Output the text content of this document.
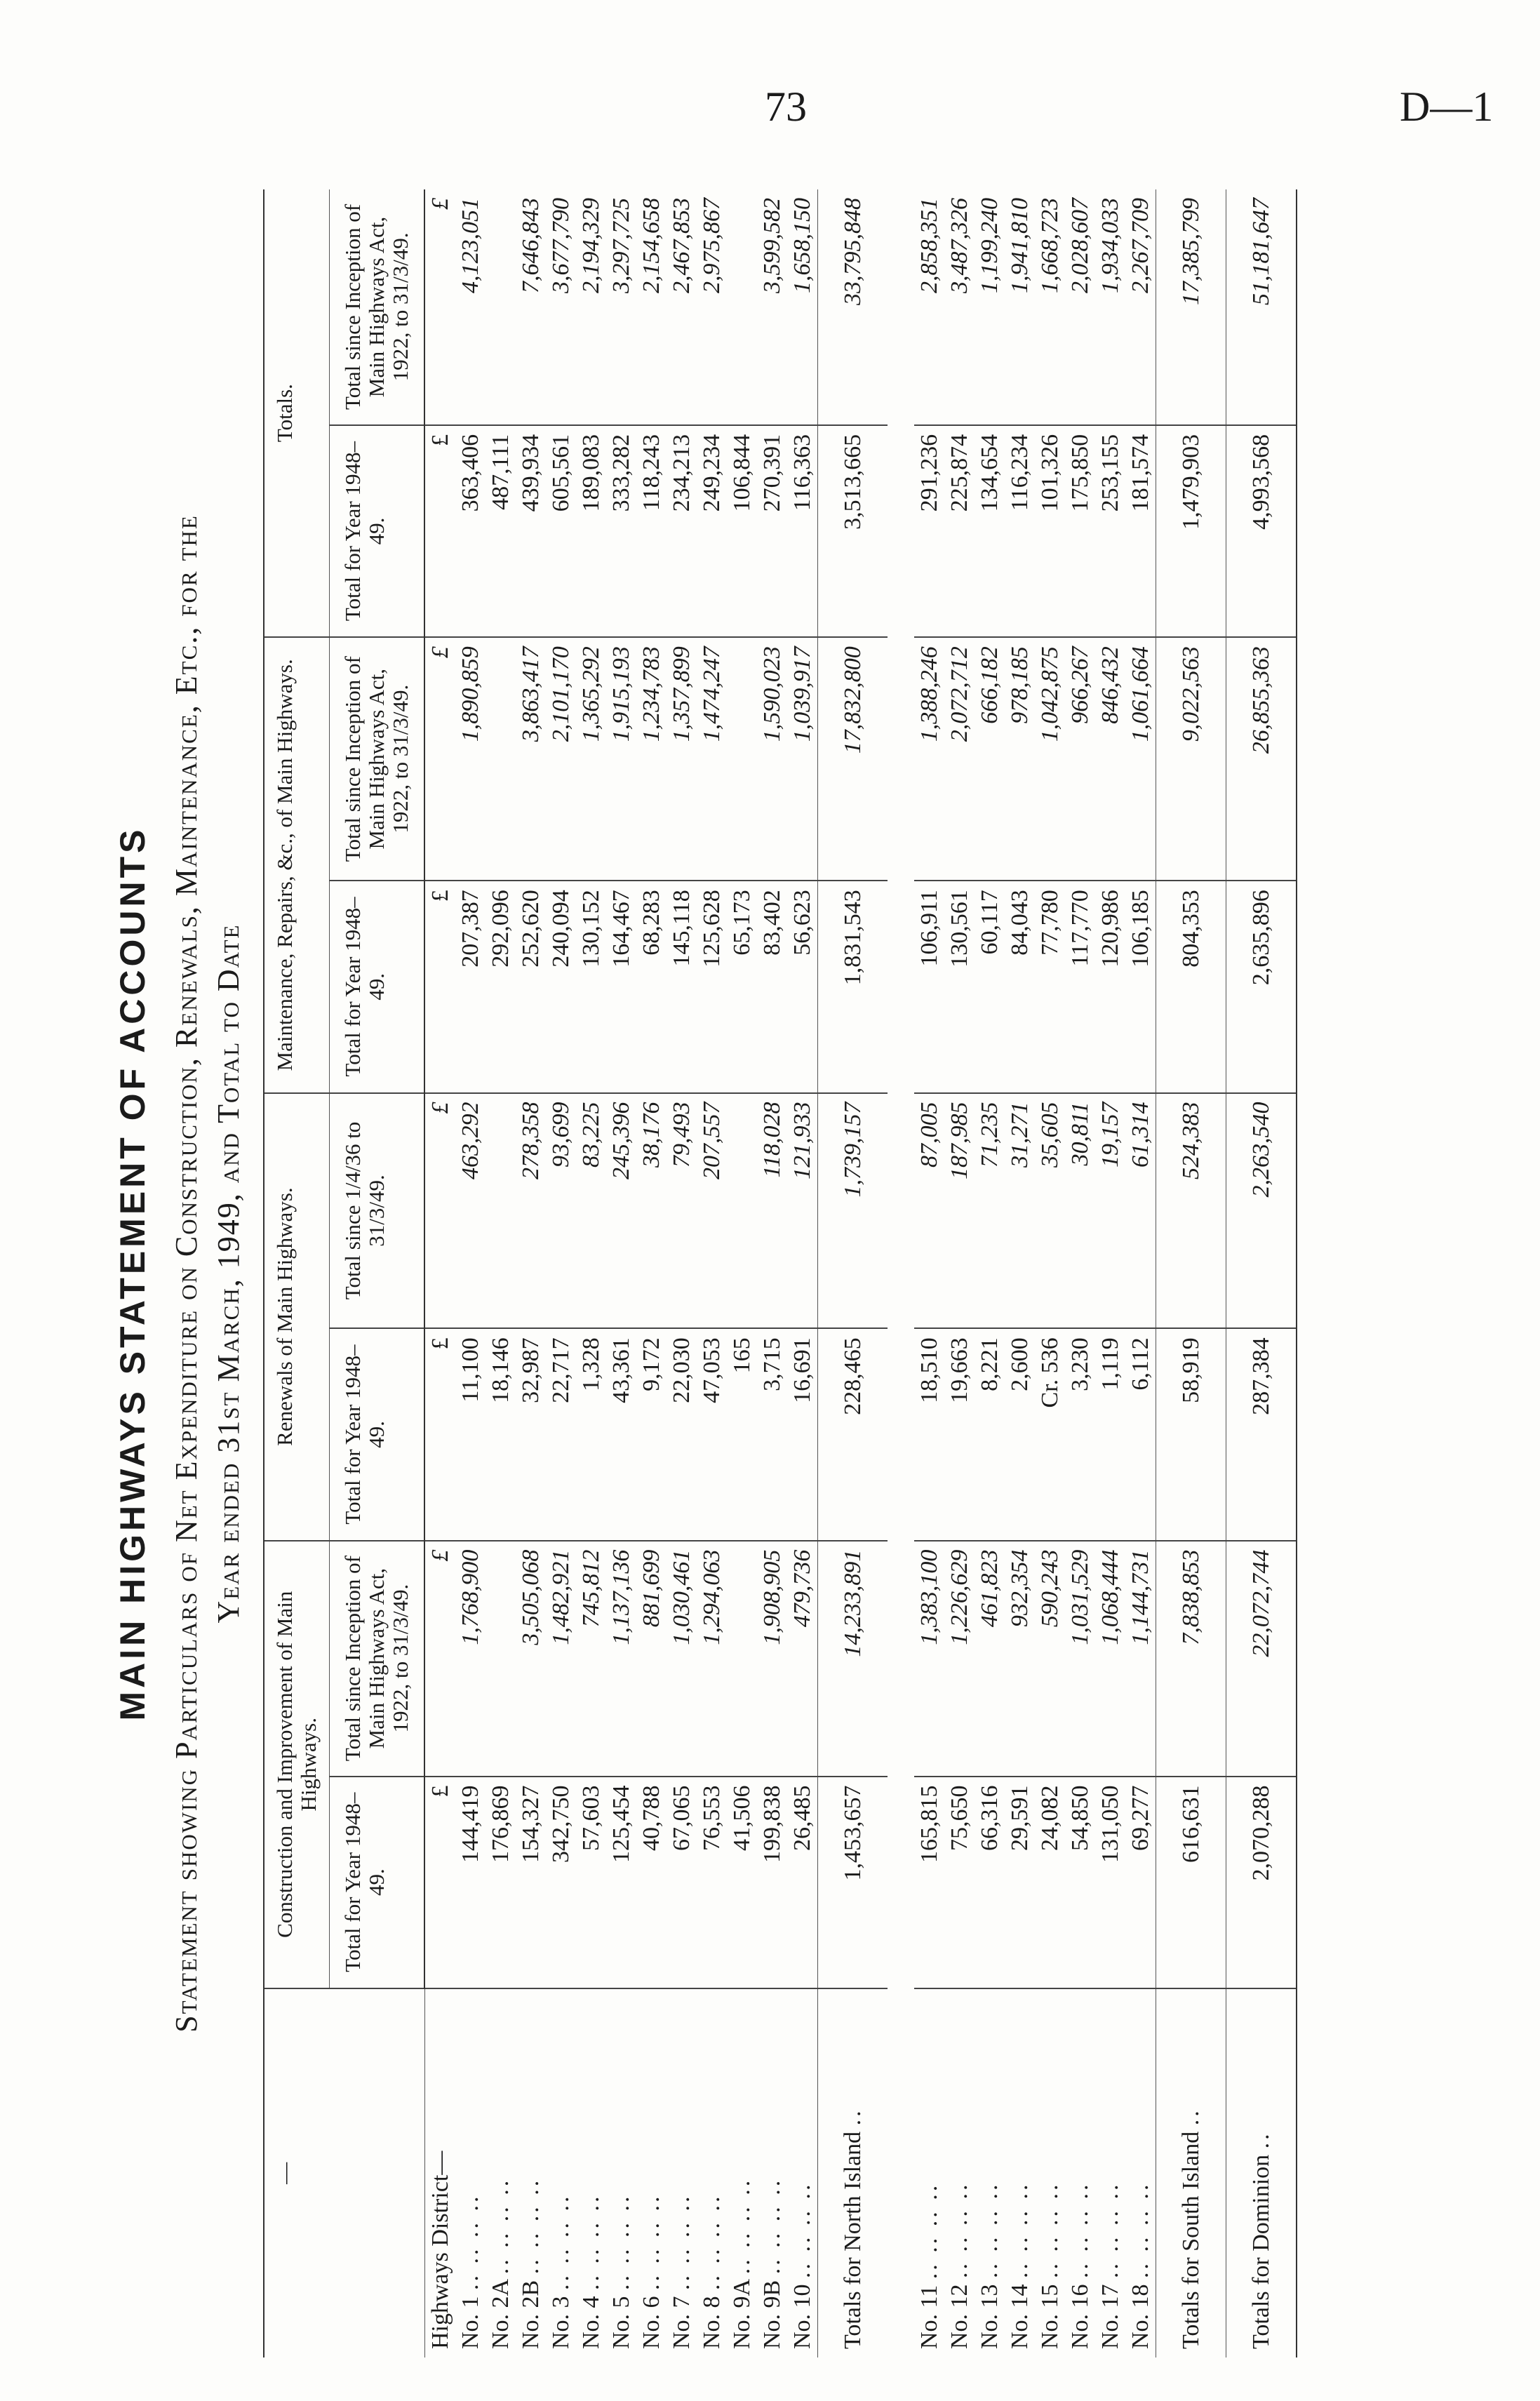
73	D—1
MAIN HIGHWAYS STATEMENT OF ACCOUNTS Statement showing Particulars of Net Expenditure on Construction, Renewals, Maintenance, Etc., for the Year ended 31st March, 1949, and Total to Date
—	Construction and Improvement of Main Highways.		Renewals of Main Highways.		Maintenance, Repairs, &c., of Main Highways.		Totals.	
	Total for Year 1948–49.	Total since Inception of Main Highways Act, 1922, to 31/3/49.	Total for Year 1948–49.	Total since 1/4/36 to 31/3/49.	Total for Year 1948–49.	Total since Inception of Main Highways Act, 1922, to 31/3/49.	Total for Year 1948–49.	Total since Inception of Main Highways Act, 1922, to 31/3/49.
Highways District—	£	£	£	£	£	£	£	£
No. 1 .. .. .. ..	144,419	1,768,900	11,100	463,292	207,387	1,890,859	363,406	4,123,051
No. 2A .. .. .. ..	176,869		18,146		292,096		487,111	
No. 2B .. .. .. ..	154,327	3,505,068	32,987	278,358	252,620	3,863,417	439,934	7,646,843
No. 3 .. .. .. ..	342,750	1,482,921	22,717	93,699	240,094	2,101,170	605,561	3,677,790
No. 4 .. .. .. ..	57,603	745,812	1,328	83,225	130,152	1,365,292	189,083	2,194,329
No. 5 .. .. .. ..	125,454	1,137,136	43,361	245,396	164,467	1,915,193	333,282	3,297,725
No. 6 .. .. .. ..	40,788	881,699	9,172	38,176	68,283	1,234,783	118,243	2,154,658
No. 7 .. .. .. ..	67,065	1,030,461	22,030	79,493	145,118	1,357,899	234,213	2,467,853
No. 8 .. .. .. ..	76,553	1,294,063	47,053	207,557	125,628	1,474,247	249,234	2,975,867
No. 9A .. .. .. ..	41,506		165		65,173		106,844	
No. 9B .. .. .. ..	199,838	1,908,905	3,715	118,028	83,402	1,590,023	270,391	3,599,582
No. 10 .. .. .. ..	26,485	479,736	16,691	121,933	56,623	1,039,917	116,363	1,658,150
Totals for North Island ..	1,453,657	14,233,891	228,465	1,739,157	1,831,543	17,832,800	3,513,665	33,795,848

No. 11 .. .. .. ..	165,815	1,383,100	18,510	87,005	106,911	1,388,246	291,236	2,858,351
No. 12 .. .. .. ..	75,650	1,226,629	19,663	187,985	130,561	2,072,712	225,874	3,487,326
No. 13 .. .. .. ..	66,316	461,823	8,221	71,235	60,117	666,182	134,654	1,199,240
No. 14 .. .. .. ..	29,591	932,354	2,600	31,271	84,043	978,185	116,234	1,941,810
No. 15 .. .. .. ..	24,082	590,243	Cr. 536	35,605	77,780	1,042,875	101,326	1,668,723
No. 16 .. .. .. ..	54,850	1,031,529	3,230	30,811	117,770	966,267	175,850	2,028,607
No. 17 .. .. .. ..	131,050	1,068,444	1,119	19,157	120,986	846,432	253,155	1,934,033
No. 18 .. .. .. ..	69,277	1,144,731	6,112	61,314	106,185	1,061,664	181,574	2,267,709
Totals for South Island ..	616,631	7,838,853	58,919	524,383	804,353	9,022,563	1,479,903	17,385,799
Totals for Dominion ..	2,070,288	22,072,744	287,384	2,263,540	2,635,896	26,855,363	4,993,568	51,181,647
